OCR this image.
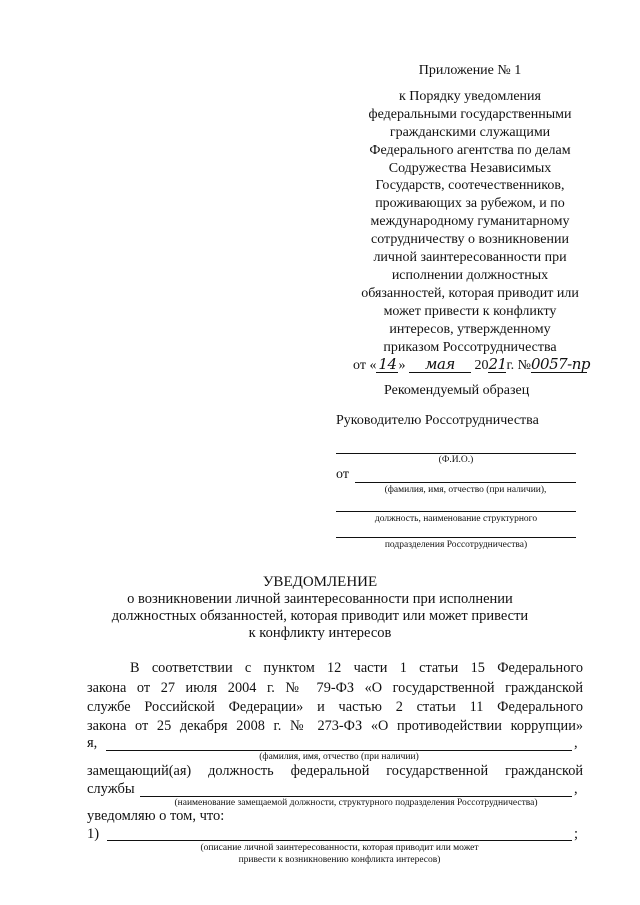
Приложение № 1
к Порядку уведомления
федеральными государственными
гражданскими служащими
Федерального агентства по делам
Содружества Независимых
Государств, соотечественников,
проживающих за рубежом, и по
международному гуманитарному
сотрудничеству о возникновении
личной заинтересованности при
исполнении должностных
обязанностей, которая приводит или
может привести к конфликту
интересов, утвержденному
приказом Россотрудничества
от « 14 » мая 2021г. №0057-пр
Рекомендуемый образец
Руководителю Россотрудничества
(Ф.И.О.)
от
(фамилия, имя, отчество (при наличии),
должность, наименование структурного
подразделения Россотрудничества)
УВЕДОМЛЕНИЕ
о возникновении личной заинтересованности при исполнении
должностных обязанностей, которая приводит или может привести
к конфликту интересов
В соответствии с пунктом 12 части 1 статьи 15 Федерального
закона от 27 июля 2004 г. № 79-ФЗ «О государственной гражданской
службе Российской Федерации» и частью 2 статьи 11 Федерального
закона от 25 декабря 2008 г. № 273-ФЗ «О противодействии коррупции»
я,	,
(фамилия, имя, отчество (при наличии)
замещающий(ая) должность федеральной государственной гражданской
службы	,
(наименование замещаемой должности, структурного подразделения Россотрудничества)
уведомляю о том, что:
1)	;
(описание личной заинтересованности, которая приводит или может
привести к возникновению конфликта интересов)
